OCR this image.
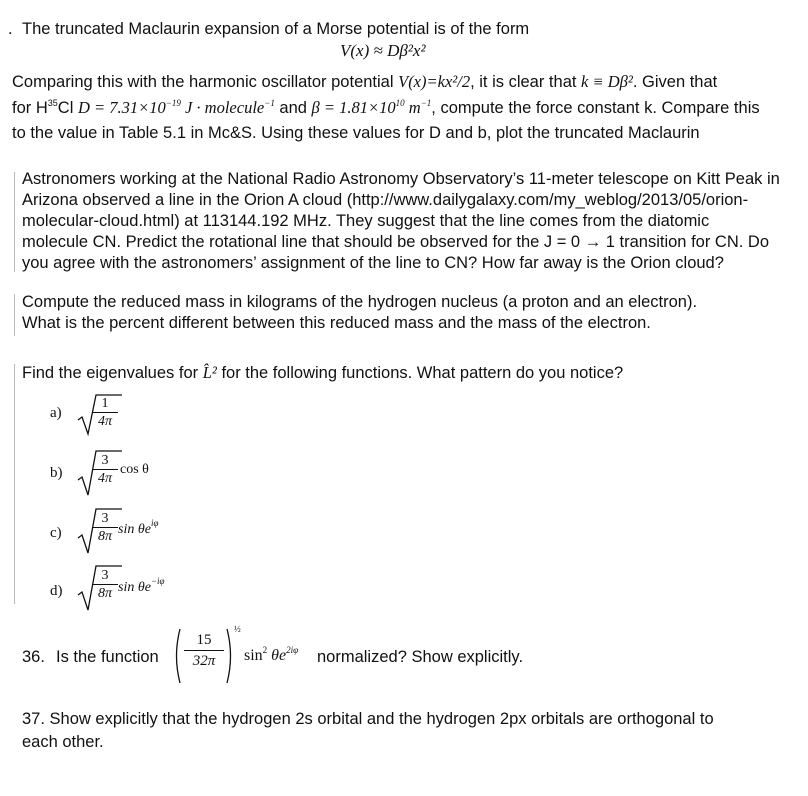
. The truncated Maclaurin expansion of a Morse potential is of the form
V(x) ≈ Dβ²x²
Comparing this with the harmonic oscillator potential V(x)=kx²/2, it is clear that k ≡ Dβ². Given that
for $H^{35}Cl$ $D = 7.31\times 10^{-19}$ J · molecule$^{-1}$ and $\beta = 1.81\times 10^{10}$ $m^{-1}$, compute the force constant k. Compare this
to the value in Table 5.1 in Mc&S. Using these values for D and b, plot the truncated Maclaurin
Astronomers working at the National Radio Astronomy Observatory’s 11-meter telescope on Kitt Peak in
Arizona observed a line in the Orion A cloud (http://www.dailygalaxy.com/my_weblog/2013/05/orion-
molecular-cloud.html) at 113144.192 MHz. They suggest that the line comes from the diatomic
molecule CN. Predict the rotational line that should be observed for the J = 0 → 1 transition for CN. Do
you agree with the astronomers’ assignment of the line to CN? How far away is the Orion cloud?
Compute the reduced mass in kilograms of the hydrogen nucleus (a proton and an electron).
What is the percent different between this reduced mass and the mass of the electron.
Find the eigenvalues for L̂² for the following functions. What pattern do you notice?
$a) \frac{1}{4\pi}$
$b) \frac{3}{4\pi}$ cos θ
$c) \frac{3}{8\pi}$ $\sin \theta e^{i\varphi}$
$d) \frac{3}{8\pi}$ $\sin \theta e^{-i\varphi}$
36. Is the function $\frac{15}{32\pi}$
½
$\sin^2 \theta e^{2i\varphi}$ normalized? Show explicitly.
37. Show explicitly that the hydrogen 2s orbital and the hydrogen 2px orbitals are orthogonal to
each other.
